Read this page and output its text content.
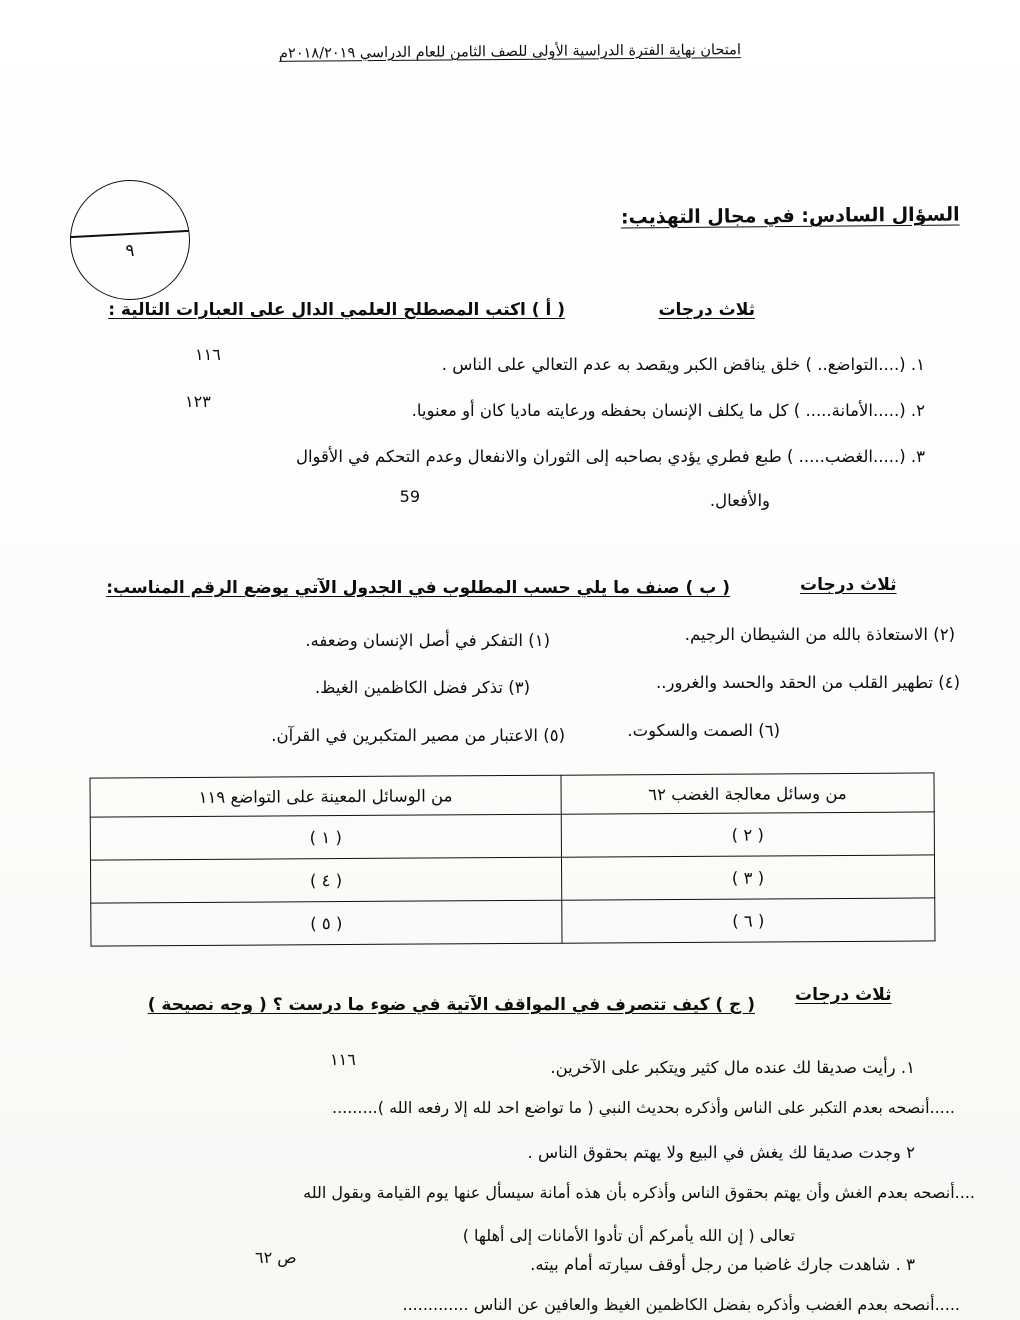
امتحان نهاية الفترة الدراسية الأولى للصف الثامن للعام الدراسي ٢٠١٨/٢٠١٩م
٩
السؤال السادس: في مجال التهذيب:
ثلاث درجات
( أ ) اكتب المصطلح العلمي الدال على العبارات التالية :
١. (....التواضع.. ) خلق يناقض الكبر ويقصد به عدم التعالي على الناس .
١١٦
٢. (.....الأمانة..... ) كل ما يكلف الإنسان بحفظه ورعايته ماديا كان أو معنويا.
١٢٣
٣. (.....الغضب..... ) طبع فطري يؤدي بصاحبه إلى الثوران والانفعال وعدم التحكم في الأقوال
والأفعال.
59
ثلاث درجات
( ب ) صنف ما يلي حسب المطلوب في الجدول الآتي يوضع الرقم المناسب:
(١) التفكر في أصل الإنسان وضعفه.	(٢) الاستعاذة بالله من الشيطان الرجيم.
(٣) تذكر فضل الكاظمين الغيظ.	(٤) تطهير القلب من الحقد والحسد والغرور..
(٥) الاعتبار من مصير المتكبرين في القرآن.	(٦) الصمت والسكوت.
من وسائل معالجة الغضب ٦٢	من الوسائل المعينة على التواضع ١١٩
( ٢ )	( ١ )
( ٣ )	( ٤ )
( ٦ )	( ٥ )
ثلاث درجات
( ج ) كيف تتصرف في المواقف الآتية في ضوء ما درست ؟ ( وجه نصيحة )
١. رأيت صديقا لك عنده مال كثير ويتكبر على الآخرين.
١١٦
.....أنصحه بعدم التكبر على الناس وأذكره بحديث النبي ( ما تواضع احد لله إلا رفعه الله ).........
٢ وجدت صديقا لك يغش في البيع ولا يهتم بحقوق الناس .
....أنصحه بعدم الغش وأن يهتم بحقوق الناس وأذكره بأن هذه أمانة سيسأل عنها يوم القيامة وبقول الله
تعالى ( إن الله يأمركم أن تأدوا الأمانات إلى أهلها )
٣ . شاهدت جارك غاضبا من رجل أوقف سيارته أمام بيته.
ص ٦٢
.....أنصحه بعدم الغضب وأذكره بفضل الكاظمين الغيظ والعافين عن الناس .............
